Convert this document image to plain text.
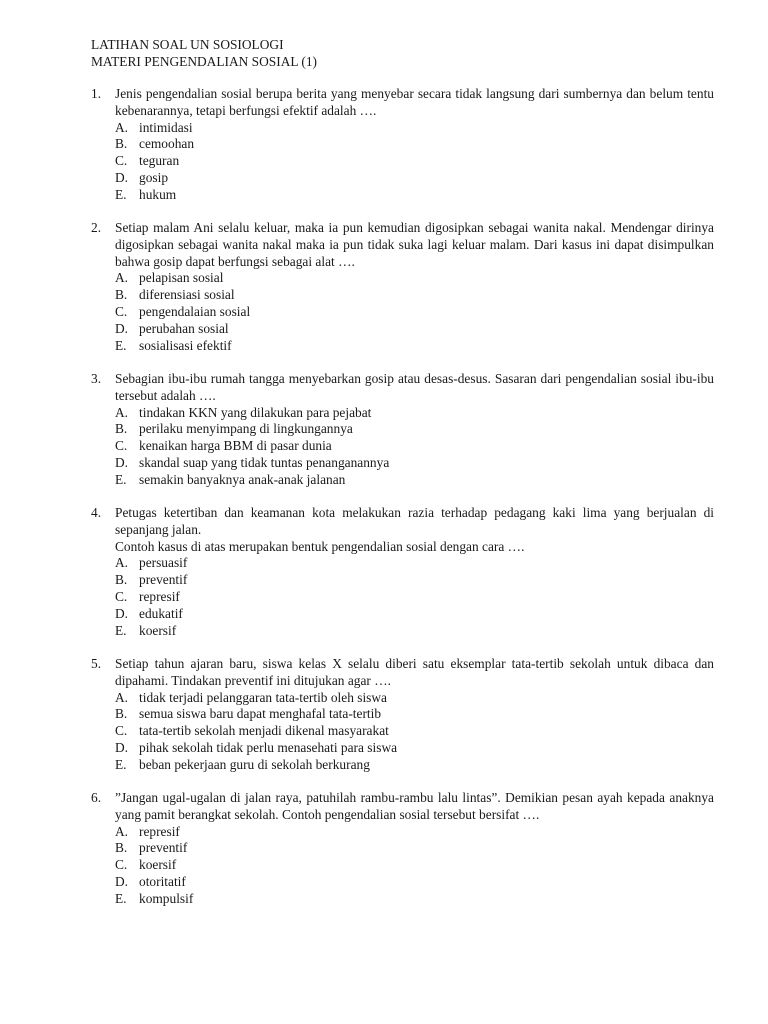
LATIHAN SOAL UN SOSIOLOGI
MATERI PENGENDALIAN SOSIAL (1)
1. Jenis pengendalian sosial berupa berita yang menyebar secara tidak langsung dari sumbernya dan belum tentu kebenarannya, tetapi berfungsi efektif adalah ….

A. intimidasi
B. cemoohan
C. teguran
D. gosip
E. hukum
2. Setiap malam Ani selalu keluar, maka ia pun kemudian digosipkan sebagai wanita nakal. Mendengar dirinya digosipkan sebagai wanita nakal maka ia pun tidak suka lagi keluar malam. Dari kasus ini dapat disimpulkan bahwa gosip dapat berfungsi sebagai alat ….

A. pelapisan sosial
B. diferensiasi sosial
C. pengendalaian sosial
D. perubahan sosial
E. sosialisasi efektif
3. Sebagian ibu-ibu rumah tangga menyebarkan gosip atau desas-desus. Sasaran dari pengendalian sosial ibu-ibu tersebut adalah ….

A. tindakan KKN yang dilakukan para pejabat
B. perilaku menyimpang di lingkungannya
C. kenaikan harga BBM di pasar dunia
D. skandal suap yang tidak tuntas penanganannya
E. semakin banyaknya anak-anak jalanan
4. Petugas ketertiban dan keamanan kota melakukan razia terhadap pedagang kaki lima yang berjualan di sepanjang jalan.

Contoh kasus di atas merupakan bentuk pengendalian sosial dengan cara ….

A. persuasif
B. preventif
C. represif
D. edukatif
E. koersif
5. Setiap tahun ajaran baru, siswa kelas X selalu diberi satu eksemplar tata-tertib sekolah untuk dibaca dan dipahami. Tindakan preventif ini ditujukan agar ….

A. tidak terjadi pelanggaran tata-tertib oleh siswa
B. semua siswa baru dapat menghafal tata-tertib
C. tata-tertib sekolah menjadi dikenal masyarakat
D. pihak sekolah tidak perlu menasehati para siswa
E. beban pekerjaan guru di sekolah berkurang
6. ”Jangan ugal-ugalan di jalan raya, patuhilah rambu-rambu lalu lintas”. Demikian pesan ayah kepada anaknya yang pamit berangkat sekolah. Contoh pengendalian sosial tersebut bersifat ….

A. represif
B. preventif
C. koersif
D. otoritatif
E. kompulsif
